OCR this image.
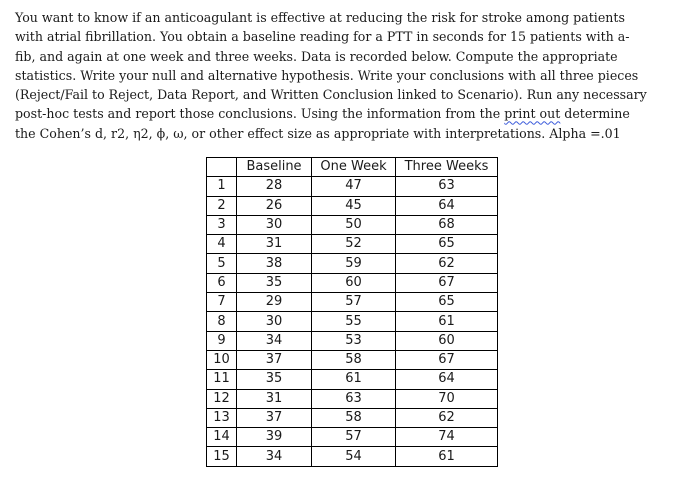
You want to know if an anticoagulant is effective at reducing the risk for stroke among patients
with atrial fibrillation. You obtain a baseline reading for a PTT in seconds for 15 patients with a-
fib, and again at one week and three weeks. Data is recorded below. Compute the appropriate
statistics. Write your null and alternative hypothesis. Write your conclusions with all three pieces
(Reject/Fail to Reject, Data Report, and Written Conclusion linked to Scenario). Run any necessary
post-hoc tests and report those conclusions. Using the information from the print out determine
the Cohen’s d, r2, η2, ϕ, ω, or other effect size as appropriate with interpretations. Alpha =.01
	Baseline	One Week	Three Weeks
1	28	47	63
2	26	45	64
3	30	50	68
4	31	52	65
5	38	59	62
6	35	60	67
7	29	57	65
8	30	55	61
9	34	53	60
10	37	58	67
11	35	61	64
12	31	63	70
13	37	58	62
14	39	57	74
15	34	54	61
